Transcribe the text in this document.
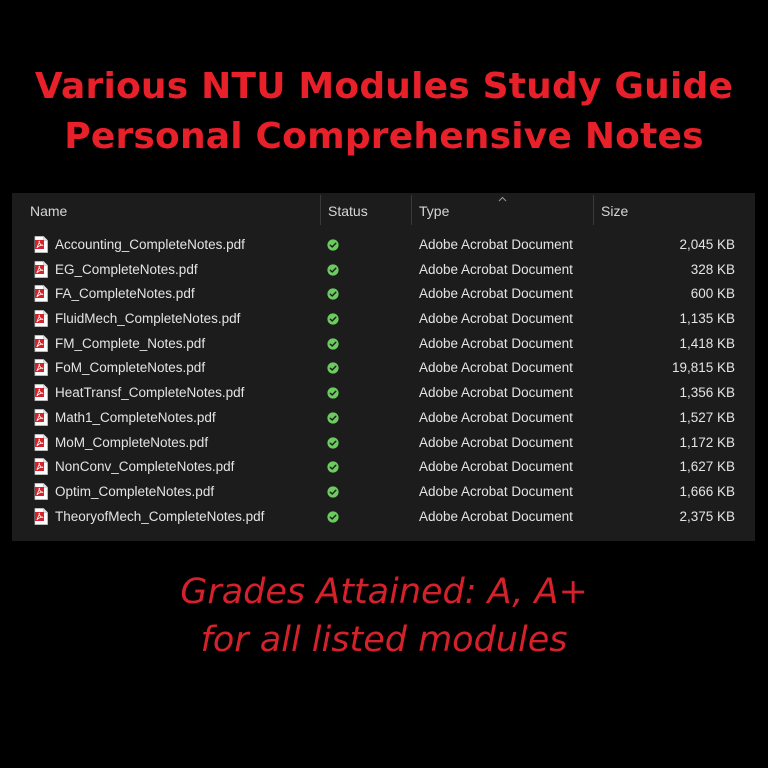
Various NTU Modules Study Guide
Personal Comprehensive Notes
Name	Status	Type	Size
Accounting_CompleteNotes.pdf	Adobe Acrobat Document	2,045 KB
EG_CompleteNotes.pdf	Adobe Acrobat Document	328 KB
FA_CompleteNotes.pdf	Adobe Acrobat Document	600 KB
FluidMech_CompleteNotes.pdf	Adobe Acrobat Document	1,135 KB
FM_Complete_Notes.pdf	Adobe Acrobat Document	1,418 KB
FoM_CompleteNotes.pdf	Adobe Acrobat Document	19,815 KB
HeatTransf_CompleteNotes.pdf	Adobe Acrobat Document	1,356 KB
Math1_CompleteNotes.pdf	Adobe Acrobat Document	1,527 KB
MoM_CompleteNotes.pdf	Adobe Acrobat Document	1,172 KB
NonConv_CompleteNotes.pdf	Adobe Acrobat Document	1,627 KB
Optim_CompleteNotes.pdf	Adobe Acrobat Document	1,666 KB
TheoryofMech_CompleteNotes.pdf	Adobe Acrobat Document	2,375 KB
Grades Attained: A, A+
for all listed modules
